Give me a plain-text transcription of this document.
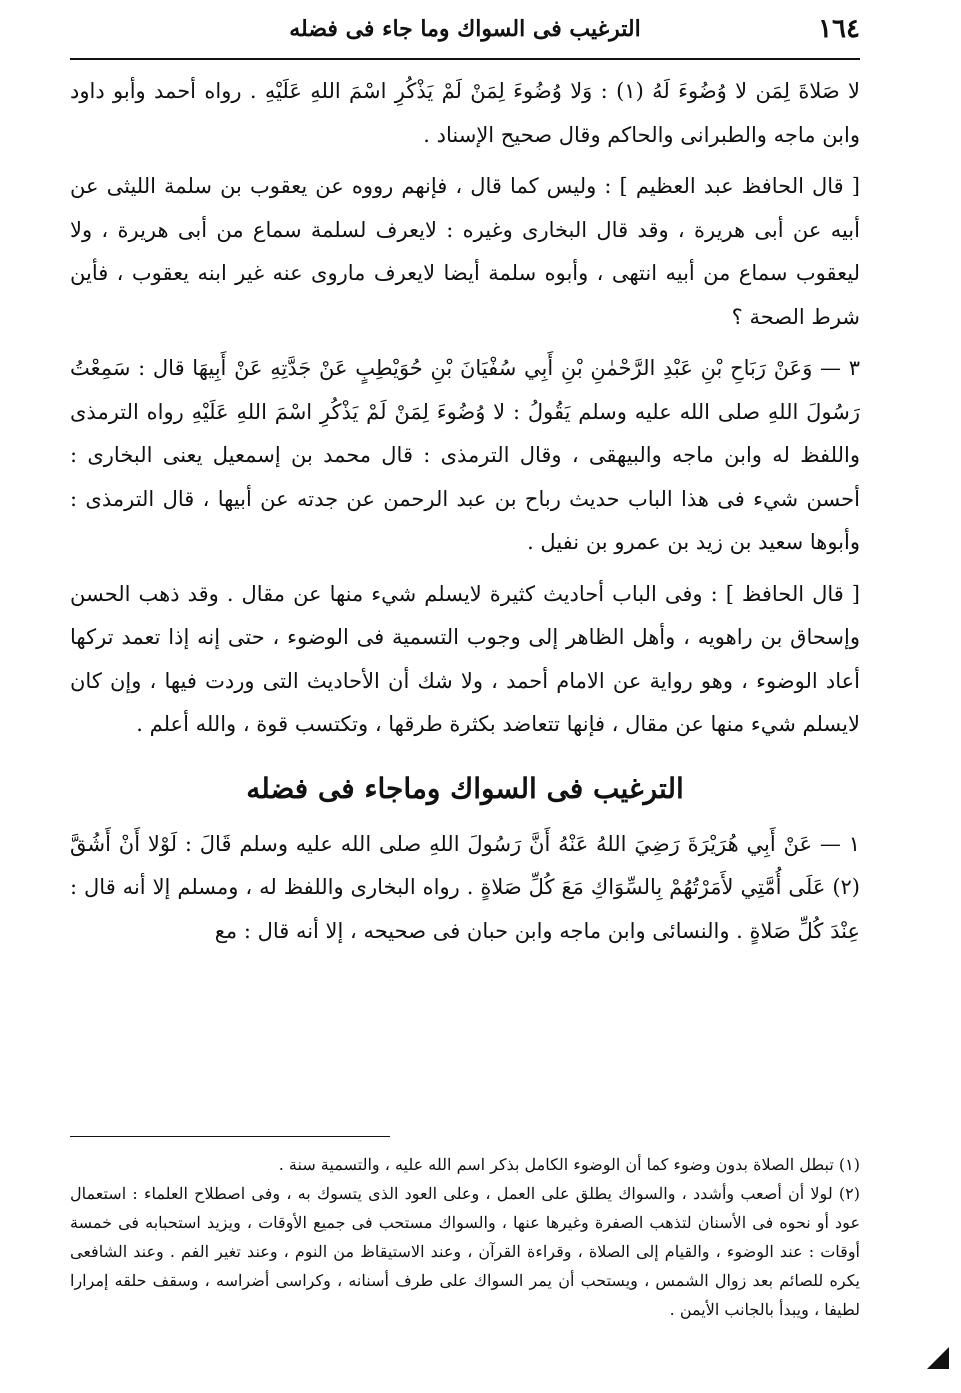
١٦٤
الترغيب فى السواك وما جاء فى فضله

لا صَلاةَ لِمَن لا وُضُوءَ لَهُ (١) : وَلا وُضُوءَ لِمَنْ لَمْ يَذْكُرِ اسْمَ اللهِ عَلَيْهِ . رواه أحمد وأبو داود وابن ماجه والطبرانى والحاكم وقال صحيح الإسناد .

[ قال الحافظ عبد العظيم ] : وليس كما قال ، فإنهم رووه عن يعقوب بن سلمة الليثى عن أبيه عن أبى هريرة ، وقد قال البخارى وغيره : لايعرف لسلمة سماع من أبى هريرة ، ولا ليعقوب سماع من أبيه انتهى ، وأبوه سلمة أيضا لايعرف ماروى عنه غير ابنه يعقوب ، فأين شرط الصحة ؟

٣ — وَعَنْ رَبَاحِ بْنِ عَبْدِ الرَّحْمٰنِ بْنِ أَبِي سُفْيَانَ بْنِ حُوَيْطِبٍ عَنْ جَدَّتِهِ عَنْ أَبِيهَا قال : سَمِعْتُ رَسُولَ اللهِ صلى الله عليه وسلم يَقُولُ : لا وُضُوءَ لِمَنْ لَمْ يَذْكُرِ اسْمَ اللهِ عَلَيْهِ رواه الترمذى واللفظ له وابن ماجه والبيهقى ، وقال الترمذى : قال محمد بن إسمعيل يعنى البخارى : أحسن شيء فى هذا الباب حديث رباح بن عبد الرحمن عن جدته عن أبيها ، قال الترمذى : وأبوها سعيد بن زيد بن عمرو بن نفيل .

[ قال الحافظ ] : وفى الباب أحاديث كثيرة لايسلم شيء منها عن مقال . وقد ذهب الحسن وإسحاق بن راهويه ، وأهل الظاهر إلى وجوب التسمية فى الوضوء ، حتى إنه إذا تعمد تركها أعاد الوضوء ، وهو رواية عن الامام أحمد ، ولا شك أن الأحاديث التى وردت فيها ، وإن كان لايسلم شيء منها عن مقال ، فإنها تتعاضد بكثرة طرقها ، وتكتسب قوة ، والله أعلم .

الترغيب فى السواك وماجاء فى فضله

١ — عَنْ أَبِي هُرَيْرَةَ رَضِيَ اللهُ عَنْهُ أَنَّ رَسُولَ اللهِ صلى الله عليه وسلم قَالَ : لَوْلا أَنْ أَشُقَّ (٢) عَلَى أُمَّتِي لأَمَرْتُهُمْ بِالسِّوَاكِ مَعَ كُلِّ صَلاةٍ . رواه البخارى واللفظ له ، ومسلم إلا أنه قال : عِنْدَ كُلِّ صَلاةٍ . والنسائى وابن ماجه وابن حبان فى صحيحه ، إلا أنه قال : مع

(١) تبطل الصلاة بدون وضوء كما أن الوضوء الكامل بذكر اسم الله عليه ، والتسمية سنة .

(٢) لولا أن أصعب وأشدد ، والسواك يطلق على العمل ، وعلى العود الذى يتسوك به ، وفى اصطلاح العلماء : استعمال عود أو نحوه فى الأسنان لتذهب الصفرة وغيرها عنها ، والسواك مستحب فى جميع الأوقات ، ويزيد استحبابه فى خمسة أوقات : عند الوضوء ، والقيام إلى الصلاة ، وقراءة القرآن ، وعند الاستيقاظ من النوم ، وعند تغير الفم . وعند الشافعى يكره للصائم بعد زوال الشمس ، ويستحب أن يمر السواك على طرف أسنانه ، وكراسى أضراسه ، وسقف حلقه إمرارا لطيفا ، ويبدأ بالجانب الأيمن .
